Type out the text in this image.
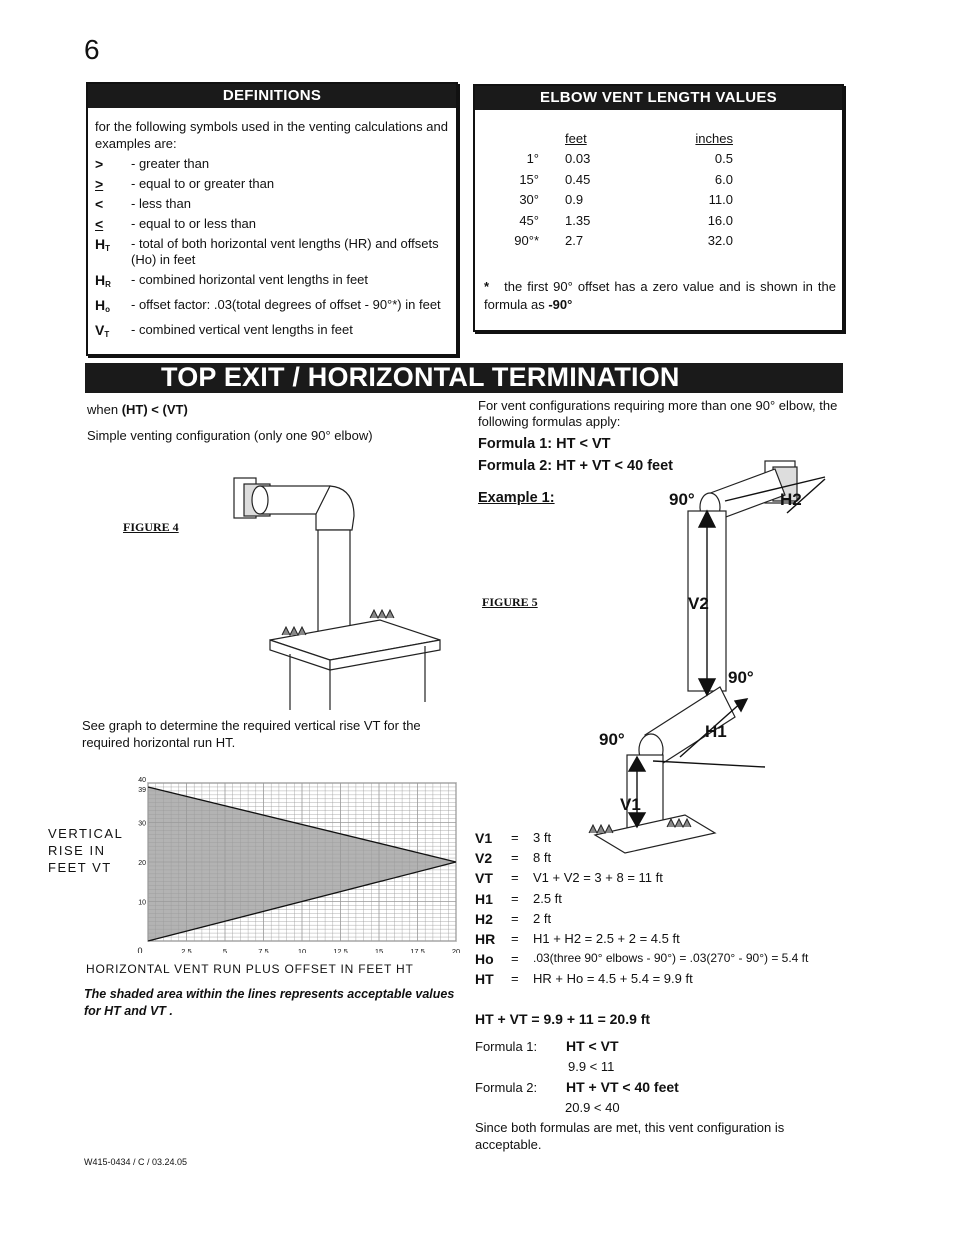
6
DEFINITIONS
for the following symbols used in the venting calculations and examples are:
>	- greater than
>	- equal to or greater than
<	- less than
<	- equal to or less than
HT	- total of both horizontal vent lengths (HR) and offsets (Ho) in feet
HR	- combined horizontal vent lengths in feet
Ho	- offset factor: .03(total degrees of offset - 90°*) in feet
VT	- combined vertical vent lengths in feet
ELBOW VENT LENGTH VALUES
	feet	inches
1°	0.03	0.5
15°	0.45	6.0
30°	0.9	11.0
45°	1.35	16.0
90°*	2.7	32.0
* the first 90° offset has a zero value and is shown in the formula as -90°
TOP EXIT / HORIZONTAL TERMINATION
when (HT) < (VT)
Simple venting configuration (only one 90° elbow)
FIGURE 4
See graph to determine the required vertical rise VT for the required horizontal run HT.
VERTICAL RISE IN FEET VT
0	2.5	5	7.5	10	12.5	15	17.5	20
10
20
30
39
40
HORIZONTAL VENT RUN PLUS OFFSET IN FEET HT
The shaded area within the lines represents acceptable values for HT and VT .
For vent configurations requiring more than one 90° elbow, the following formulas apply:
Formula 1: HT < VT
Formula 2: HT + VT < 40 feet
Example 1:
FIGURE 5
90°	H2
V2
90°
90°	H1
V1
V1	=	3 ft
V2	=	8 ft
VT	=	V1 + V2 = 3 + 8 = 11 ft
H1	=	2.5 ft
H2	=	2 ft
HR	=	H1 + H2 = 2.5 + 2 = 4.5 ft
Ho	=	.03(three 90° elbows - 90°) = .03(270° - 90°) = 5.4 ft
HT	=	HR + Ho = 4.5 + 5.4 = 9.9 ft
HT + VT = 9.9 + 11 = 20.9 ft
Formula 1: HT < VT
9.9 < 11
Formula 2: HT + VT < 40 feet
20.9 < 40
Since both formulas are met, this vent configuration is acceptable.
W415-0434 / C / 03.24.05
